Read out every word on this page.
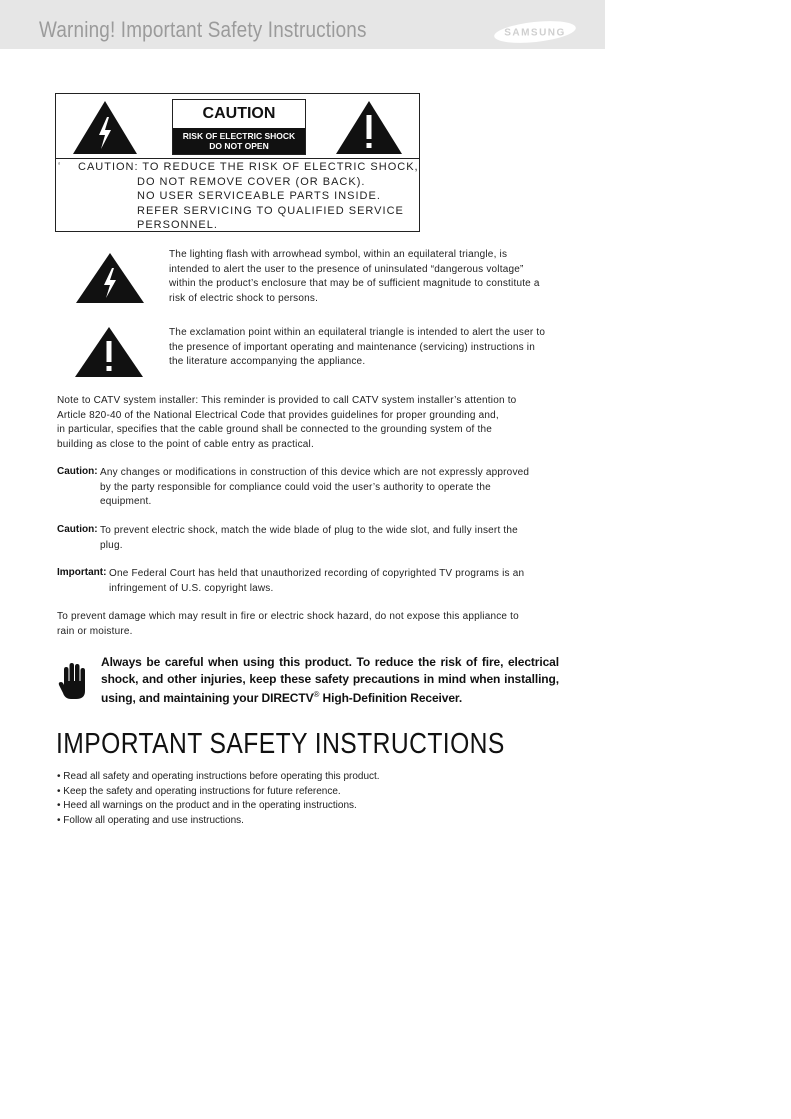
Warning! Important Safety Instructions	SAMSUNG
CAUTION
RISK OF ELECTRIC SHOCK
DO NOT OPEN
‘ CAUTION: TO REDUCE THE RISK OF ELECTRIC SHOCK,
DO NOT REMOVE COVER (OR BACK).
NO USER SERVICEABLE PARTS INSIDE.
REFER SERVICING TO QUALIFIED SERVICE
PERSONNEL.
The lighting flash with arrowhead symbol, within an equilateral triangle, is
intended to alert the user to the presence of uninsulated “dangerous voltage”
within the product’s enclosure that may be of sufficient magnitude to constitute a
risk of electric shock to persons.
The exclamation point within an equilateral triangle is intended to alert the user to
the presence of important operating and maintenance (servicing) instructions in
the literature accompanying the appliance.
Note to CATV system installer: This reminder is provided to call CATV system installer’s attention to
Article 820-40 of the National Electrical Code that provides guidelines for proper grounding and,
in particular, specifies that the cable ground shall be connected to the grounding system of the
building as close to the point of cable entry as practical.
Caution: Any changes or modifications in construction of this device which are not expressly approved
by the party responsible for compliance could void the user’s authority to operate the
equipment.
Caution: To prevent electric shock, match the wide blade of plug to the wide slot, and fully insert the
plug.
Important: One Federal Court has held that unauthorized recording of copyrighted TV programs is an
infringement of U.S. copyright laws.
To prevent damage which may result in fire or electric shock hazard, do not expose this appliance to
rain or moisture.
Always be careful when using this product. To reduce the risk of fire, electrical shock, and other injuries, keep these safety precautions in mind when installing, using, and maintaining your DIRECTV® High-Definition Receiver.
IMPORTANT SAFETY INSTRUCTIONS
• Read all safety and operating instructions before operating this product.
• Keep the safety and operating instructions for future reference.
• Heed all warnings on the product and in the operating instructions.
• Follow all operating and use instructions.
